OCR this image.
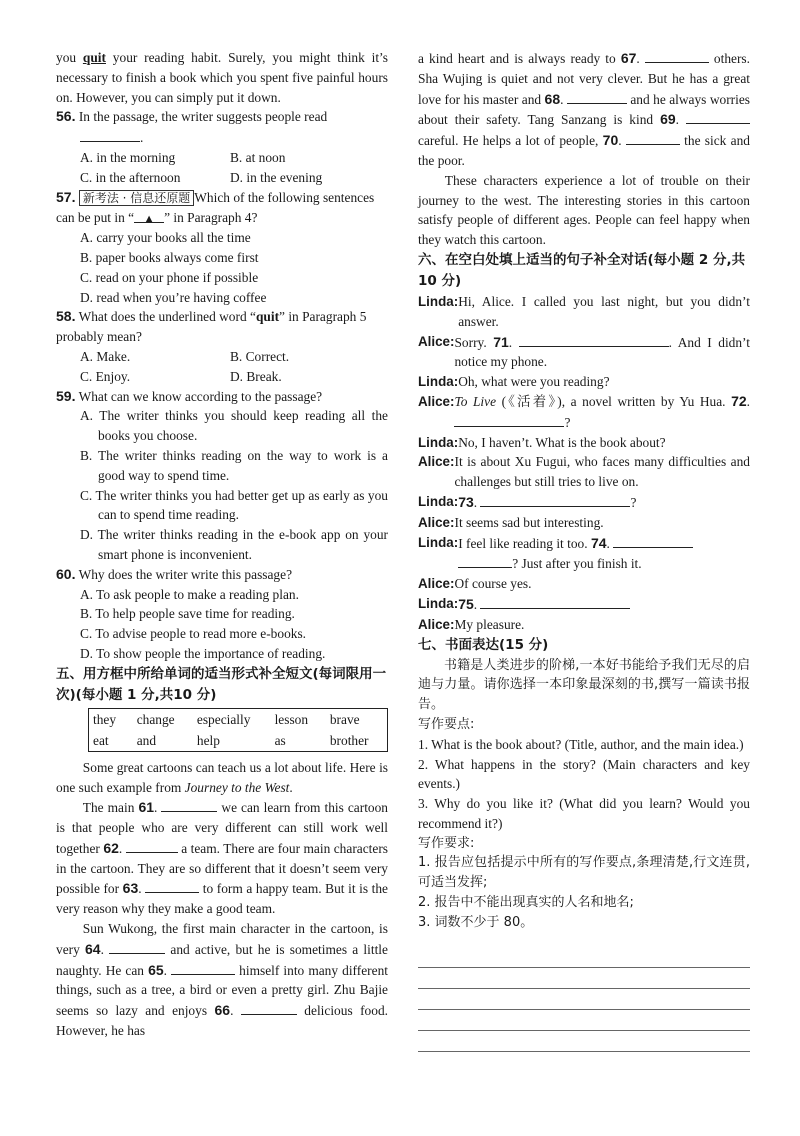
you quit your reading habit. Surely, you might think it’s necessary to finish a book which you spent five painful hours on. However, you can simply put it down.

56. In the passage, the writer suggests people read

.

A. in the morning	B. at noon
C. in the afternoon	D. in the evening

57. 新考法 · 信息还原题 Which of the following sentences can be put in “ ▲ ” in Paragraph 4?

A. carry your books all the time

B. paper books always come first

C. read on your phone if possible

D. read when you’re having coffee

58. What does the underlined word “quit” in Paragraph 5 probably mean?

A. Make.	B. Correct.
C. Enjoy.	D. Break.

59. What can we know according to the passage?

A. The writer thinks you should keep reading all the books you choose.

B. The writer thinks reading on the way to work is a good way to spend time.

C. The writer thinks you had better get up as early as you can to spend time reading.

D. The writer thinks reading in the e-book app on your smart phone is inconvenient.

60. Why does the writer write this passage?

A. To ask people to make a reading plan.

B. To help people save time for reading.

C. To advise people to read more e-books.

D. To show people the importance of reading.

五、用方框中所给单词的适当形式补全短文(每词限用一次)(每小题 1 分,共10 分)

they	change	especially	lesson	brave
eat	and	help	as	brother

Some great cartoons can teach us a lot about life. Here is one such example from Journey to the West.

The main 61.	we can learn from this cartoon is that people who are very different can still work well together 62.	a team. There are four main characters in the cartoon. They are so different that it doesn’t seem very possible for 63.	to form a happy team. But it is the very reason why they make a good team.

Sun Wukong, the first main character in the cartoon, is very 64.	and active, but he is sometimes a little naughty. He can 65.	himself into many different things, such as a tree, a bird or even a pretty girl. Zhu Bajie seems so lazy and enjoys 66.	delicious food. However, he has

a kind heart and is always ready to 67.	others. Sha Wujing is quiet and not very clever. But he has a great love for his master and 68.	and he always worries about their safety. Tang Sanzang is kind 69.  careful. He helps a lot of people, 70.	the sick and the poor.

These characters experience a lot of trouble on their journey to the west. The interesting stories in this cartoon satisfy people of different ages. People can feel happy when they watch this cartoon.

六、在空白处填上适当的句子补全对话(每小题 2 分,共10 分)

Linda: Hi, Alice. I called you last night, but you didn’t answer.
Alice: Sorry. 71.	. And I didn’t notice my phone.
Linda: Oh, what were you reading?
Alice: To Live (《活着》), a novel written by Yu Hua. 72. ?
Linda: No, I haven’t. What is the book about?
Alice: It is about Xu Fugui, who faces many difficulties and challenges but still tries to live on.
Linda: 73.	?
Alice: It seems sad but interesting.
Linda: I feel like reading it too. 74.
? Just after you finish it.
Alice: Of course yes.
Linda: 75.
Alice: My pleasure.

七、书面表达(15 分)

书籍是人类进步的阶梯,一本好书能给予我们无尽的启迪与力量。请你选择一本印象最深刻的书,撰写一篇读书报告。

写作要点:

1. What is the book about? (Title, author, and the main idea.)

2. What happens in the story? (Main characters and key events.)

3. Why do you like it? (What did you learn? Would you recommend it?)

写作要求:

1. 报告应包括提示中所有的写作要点,条理清楚,行文连贯,可适当发挥;

2. 报告中不能出现真实的人名和地名;

3. 词数不少于 80。
